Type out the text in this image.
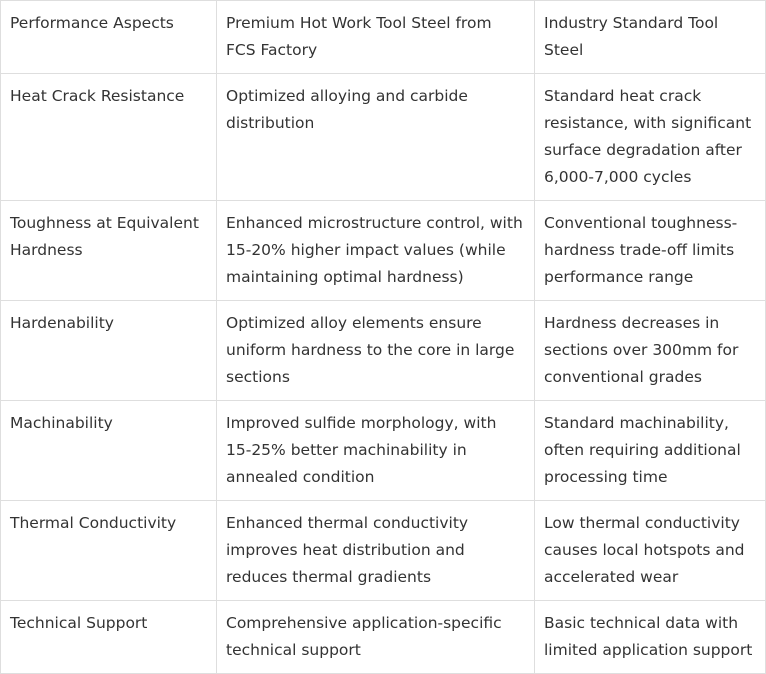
Performance Aspects	Premium Hot Work Tool Steel from FCS Factory	Industry Standard Tool Steel
Heat Crack Resistance	Optimized alloying and carbide distribution	Standard heat crack resistance, with significant surface degradation after 6,000-7,000 cycles
Toughness at Equivalent Hardness	Enhanced microstructure control, with 15-20% higher impact values (while maintaining optimal hardness)	Conventional toughness-hardness trade-off limits performance range
Hardenability	Optimized alloy elements ensure uniform hardness to the core in large sections	Hardness decreases in sections over 300mm for conventional grades
Machinability	Improved sulfide morphology, with 15-25% better machinability in annealed condition	Standard machinability, often requiring additional processing time
Thermal Conductivity	Enhanced thermal conductivity improves heat distribution and reduces thermal gradients	Low thermal conductivity causes local hotspots and accelerated wear
Technical Support	Comprehensive application-specific technical support	Basic technical data with limited application support
